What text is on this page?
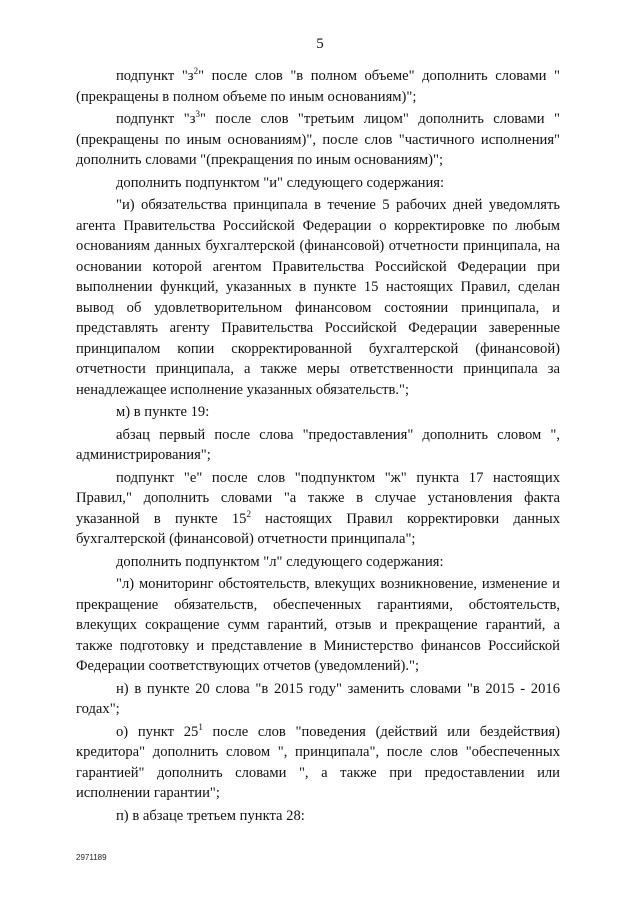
5

подпункт "$з^2$" после слов "в полном объеме" дополнить словами "(прекращены в полном объеме по иным основаниям)";

подпункт "$з^3$" после слов "третьим лицом" дополнить словами "(прекращены по иным основаниям)", после слов "частичного исполнения" дополнить словами "(прекращения по иным основаниям)";

дополнить подпунктом "и" следующего содержания:

"и) обязательства принципала в течение 5 рабочих дней уведомлять агента Правительства Российской Федерации о корректировке по любым основаниям данных бухгалтерской (финансовой) отчетности принципала, на основании которой агентом Правительства Российской Федерации при выполнении функций, указанных в пункте 15 настоящих Правил, сделан вывод об удовлетворительном финансовом состоянии принципала, и представлять агенту Правительства Российской Федерации заверенные принципалом копии скорректированной бухгалтерской (финансовой) отчетности принципала, а также меры ответственности принципала за ненадлежащее исполнение указанных обязательств.";

м) в пункте 19:

абзац первый после слова "предоставления" дополнить словом ", администрирования";

подпункт "е" после слов "подпунктом "ж" пункта 17 настоящих Правил," дополнить словами "а также в случае установления факта указанной в пункте $15^2$ настоящих Правил корректировки данных бухгалтерской (финансовой) отчетности принципала";

дополнить подпунктом "л" следующего содержания:

"л) мониторинг обстоятельств, влекущих возникновение, изменение и прекращение обязательств, обеспеченных гарантиями, обстоятельств, влекущих сокращение сумм гарантий, отзыв и прекращение гарантий, а также подготовку и представление в Министерство финансов Российской Федерации соответствующих отчетов (уведомлений).";

н) в пункте 20 слова "в 2015 году" заменить словами "в 2015 - 2016 годах";

о) пункт $25^1$ после слов "поведения (действий или бездействия) кредитора" дополнить словом ", принципала", после слов "обеспеченных гарантией" дополнить словами ", а также при предоставлении или исполнении гарантии";

п) в абзаце третьем пункта 28:

2971189
